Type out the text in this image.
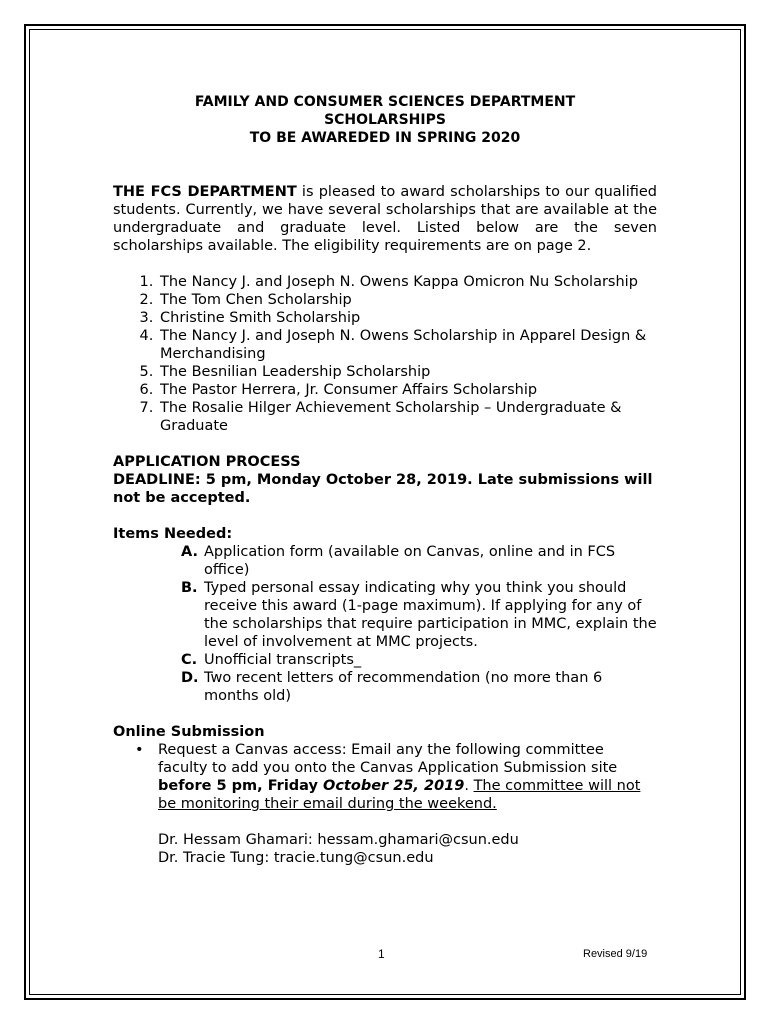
FAMILY AND CONSUMER SCIENCES DEPARTMENT
SCHOLARSHIPS
TO BE AWAREDED IN SPRING 2020

THE FCS DEPARTMENT is pleased to award scholarships to our qualified students. Currently, we have several scholarships that are available at the undergraduate and graduate level. Listed below are the seven scholarships available. The eligibility requirements are on page 2.

1. The Nancy J. and Joseph N. Owens Kappa Omicron Nu Scholarship
2. The Tom Chen Scholarship
3. Christine Smith Scholarship
4. The Nancy J. and Joseph N. Owens Scholarship in Apparel Design & Merchandising
5. The Besnilian Leadership Scholarship
6. The Pastor Herrera, Jr. Consumer Affairs Scholarship
7. The Rosalie Hilger Achievement Scholarship – Undergraduate & Graduate
APPLICATION PROCESS
DEADLINE: 5 pm, Monday October 28, 2019. Late submissions will not be accepted.
Items Needed:
A. Application form (available on Canvas, online and in FCS office)
B. Typed personal essay indicating why you think you should receive this award (1-page maximum). If applying for any of the scholarships that require participation in MMC, explain the level of involvement at MMC projects.
C. Unofficial transcripts_
D. Two recent letters of recommendation (no more than 6 months old)
Online Submission
• Request a Canvas access: Email any the following committee faculty to add you onto the Canvas Application Submission site before 5 pm, Friday October 25, 2019. The committee will not be monitoring their email during the weekend.
Dr. Hessam Ghamari: hessam.ghamari@csun.edu
Dr. Tracie Tung: tracie.tung@csun.edu
1	Revised 9/19
